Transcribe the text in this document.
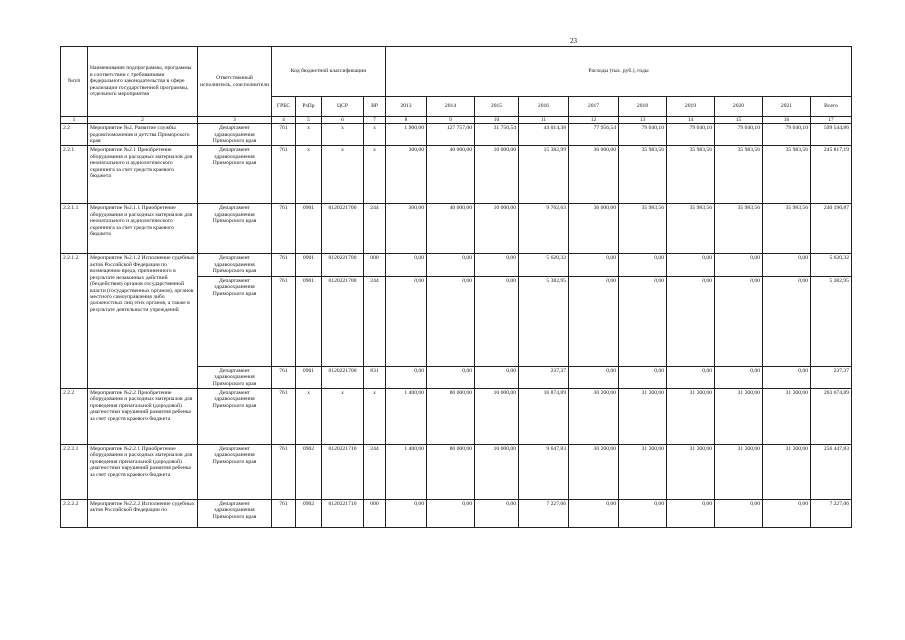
23
№п/п	Наименование подпрограммы, программы в соответствии с требованиями федерального законодательства в сфере реализации государственной программы, отдельного мероприятия	Ответственный исполнитель, соисполнители	Код бюджетной классификации				Расходы (тыс. руб.), годы									
			ГРБС	РзПр	ЦСР	ВР	2013	2014	2015	2016	2017	2018	2019	2020	2021	Всего
1	2	3	4	5	6	7	8	9	10	11	12	13	14	15	16	17
2.2	Мероприятие №2. Развитие службы родовспоможения и детства Приморского края	Департамент здравоохранения Приморского края	761	x	x	x	1 900,00	127 757,00	31 756,54	44 014,38	77 956,54	79 040,10	79 040,10	79 040,10	79 040,10	599 544,86
2.2.1	Мероприятие №2.1 Приобретение оборудования и расходных материалов для неонатального и аудиологического скрининга за счет средств краевого бюджета	Департамент здравоохранения Приморского края	761	x	x	x	300,00	40 000,00	10 000,00	15 382,99	36 000,00	35 983,56	35 983,56	35 983,56	35 983,56	245 817,19
2.2.1.1	Мероприятие №2.1.1 Приобретение оборудования и расходных материалов для неонатального и аудиологического скрининга за счет средств краевого бюджета	Департамент здравоохранения Приморского края	761	0901	0120221700	244	300,00	40 000,00	10 000,00	9 762,63	36 000,00	35 983,56	35 983,56	35 983,56	35 983,56	240 196,87
2.2.1.2	Мероприятие №2.1.2 Исполнение судебных актов Российской Федерации по возмещению вреда, причиненного в результате незаконных действий (бездействия) органов государственной власти (государственных органов), органов местного самоуправления либо должностных лиц этих органов, а также в результате деятельности учреждений	Департамент здравоохранения Приморского края	761	0901	0120221700	000	0,00	0,00	0,00	5 620,32	0,00	0,00	0,00	0,00	0,00	5 620,32
		Департамент здравоохранения Приморского края	761	0901	0120221700	244	0,00	0,00	0,00	5 382,95	0,00	0,00	0,00	0,00	0,00	5 382,95
		Департамент здравоохранения Приморского края	761	0901	0120221700	831	0,00	0,00	0,00	237,37	0,00	0,00	0,00	0,00	0,00	237,37
2.2.2	Мероприятие №2.2 Приобретение оборудования и расходных материалов для проведения пренатальной (дородовой) диагностики нарушений развития ребенка за счет средств краевого бюджета	Департамент здравоохранения Приморского края	761	x	x	x	1 400,00	80 000,00	10 000,00	16 874,89	30 200,00	31 300,00	31 300,00	31 300,00	31 300,00	263 674,89
2.2.2.1	Мероприятие №2.2.1 Приобретение оборудования и расходных материалов для проведения пренатальной (дородовой) диагностики нарушений развития ребенка за счет средств краевого бюджета	Департамент здравоохранения Приморского края	761	0902	0120221710	244	1 400,00	80 000,00	10 000,00	9 647,83	30 200,00	31 300,00	31 300,00	31 300,00	31 300,00	256 447,83
2.2.2.2	Мероприятие №2.2.2 Исполнение судебных актов Российской Федерации по	Департамент здравоохранения Приморского края	761	0902	0120221710	000	0,00	0,00	0,00	7 227,06	0,00	0,00	0,00	0,00	0,00	7 227,06
